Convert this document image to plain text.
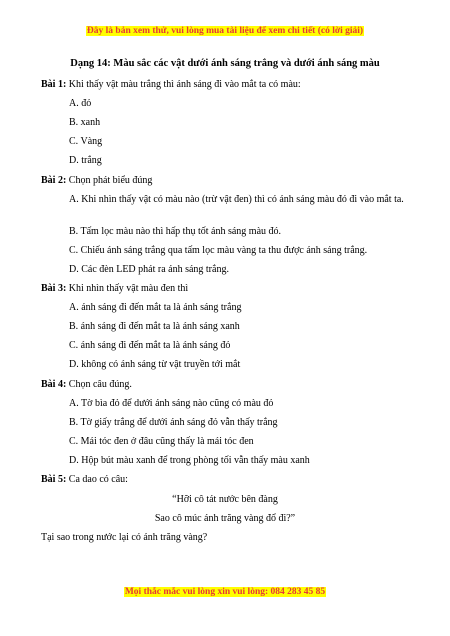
Đây là bản xem thử, vui lòng mua tài liệu để xem chi tiết (có lời giải)
Dạng 14: Màu sắc các vật dưới ánh sáng trắng và dưới ánh sáng màu
Bài 1: Khi thấy vật màu trắng thì ánh sáng đi vào mắt ta có màu:
A. đỏ
B. xanh
C. Vàng
D. trắng
Bài 2: Chọn phát biểu đúng
A. Khi nhìn thấy vật có màu nào (trừ vật đen) thì có ánh sáng màu đó đi vào mắt ta.
B. Tấm lọc màu nào thì hấp thụ tốt ánh sáng màu đó.
C. Chiếu ánh sáng trắng qua tấm lọc màu vàng ta thu được ánh sáng trắng.
D. Các đèn LED phát ra ánh sáng trắng.
Bài 3: Khi nhìn thấy vật màu đen thì
A. ánh sáng đi đến mắt ta là ánh sáng trắng
B. ánh sáng đi đến mắt ta là ánh sáng xanh
C. ánh sáng đi đến mắt ta là ánh sáng đỏ
D. không có ánh sáng từ vật truyền tới mắt
Bài 4: Chọn câu đúng.
A. Tờ bìa đỏ để dưới ánh sáng nào cũng có màu đỏ
B. Tờ giấy trắng để dưới ánh sáng đỏ vẫn thấy trắng
C. Mái tóc đen ở đâu cũng thấy là mái tóc đen
D. Hộp bút màu xanh để trong phòng tối vẫn thấy màu xanh
Bài 5: Ca dao có câu:
“Hỡi cô tát nước bên đàng
Sao cô múc ánh trăng vàng đổ đi?”
Tại sao trong nước lại có ánh trăng vàng?
Mọi thắc mắc vui lòng xin vui lòng: 084 283 45 85
